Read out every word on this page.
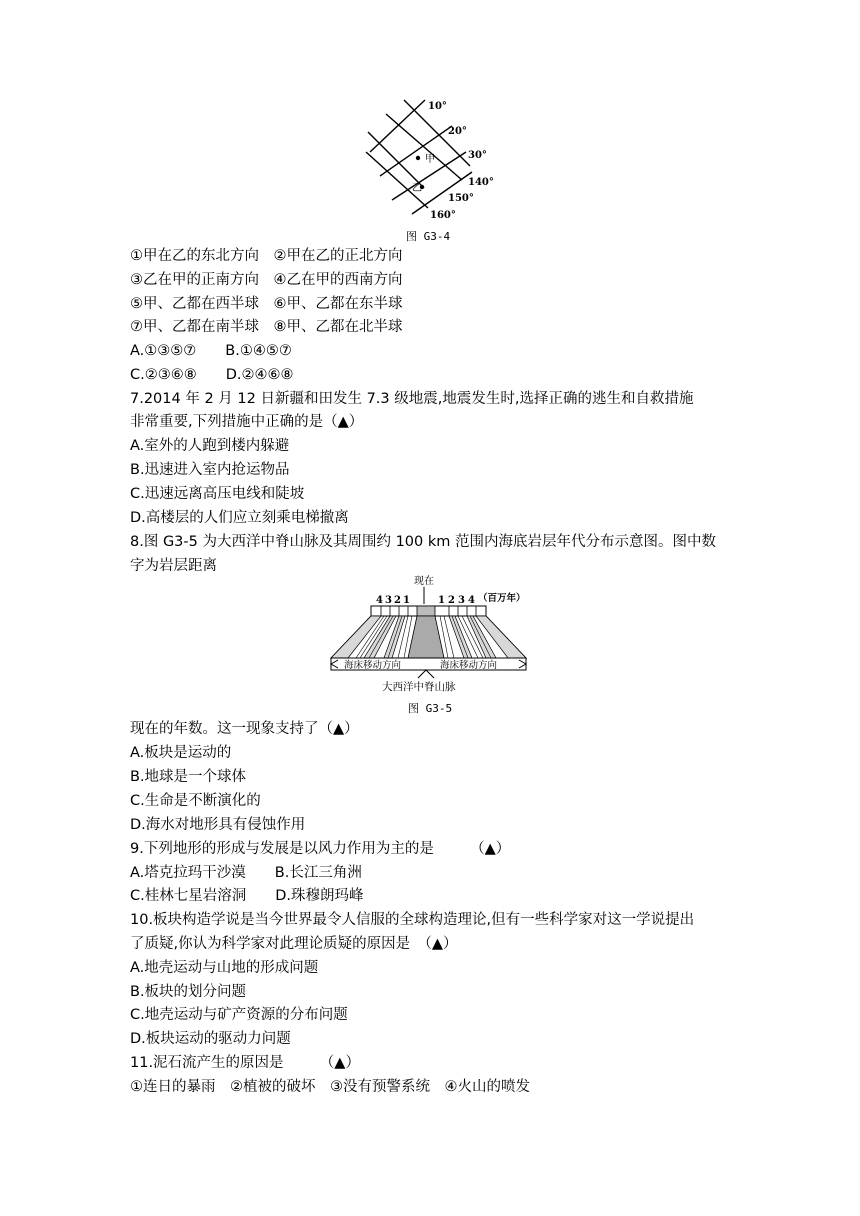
甲
乙
10°
20°
30°
140°
150°
160°
图 G3-4
①甲在乙的东北方向　②甲在乙的正北方向
③乙在甲的正南方向　④乙在甲的西南方向
⑤甲、乙都在西半球　⑥甲、乙都在东半球
⑦甲、乙都在南半球　⑧甲、乙都在北半球
A.①③⑤⑦　　B.①④⑤⑦
C.②③⑥⑧　　D.②④⑥⑧
7.2014 年 2 月 12 日新疆和田发生 7.3 级地震,地震发生时,选择正确的逃生和自救措施
非常重要,下列措施中正确的是（▲）
A.室外的人跑到楼内躲避
B.迅速进入室内抢运物品
C.迅速远离高压电线和陡坡
D.高楼层的人们应立刻乘电梯撤离
8.图 G3-5 为大西洋中脊山脉及其周围约 100 km 范围内海底岩层年代分布示意图。图中数
字为岩层距离
现在
4 3 2 1	1 2 3 4 （百万年）
海床移动方向	海床移动方向
大西洋中脊山脉
图 G3-5
现在的年数。这一现象支持了（▲）
A.板块是运动的
B.地球是一个球体
C.生命是不断演化的
D.海水对地形具有侵蚀作用
9.下列地形的形成与发展是以风力作用为主的是　　　（▲）
A.塔克拉玛干沙漠　　B.长江三角洲
C.桂林七星岩溶洞　　D.珠穆朗玛峰
10.板块构造学说是当今世界最令人信服的全球构造理论,但有一些科学家对这一学说提出
了质疑,你认为科学家对此理论质疑的原因是　（▲）
A.地壳运动与山地的形成问题
B.板块的划分问题
C.地壳运动与矿产资源的分布问题
D.板块运动的驱动力问题
11.泥石流产生的原因是　　　（▲）
①连日的暴雨　②植被的破坏　③没有预警系统　④火山的喷发
